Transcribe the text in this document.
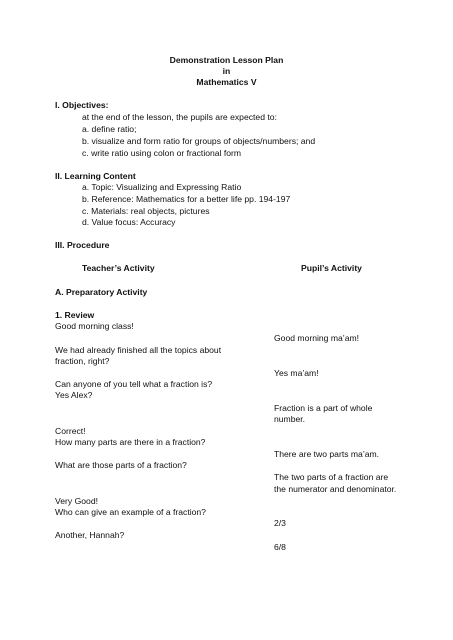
Demonstration Lesson Plan
in
Mathematics V
I. Objectives:
at the end of the lesson, the pupils are expected to:
a. define ratio;
b. visualize and form ratio for groups of objects/numbers; and
c. write ratio using colon or fractional form
II. Learning Content
a. Topic: Visualizing and Expressing Ratio
b. Reference: Mathematics for a better life pp. 194-197
c. Materials: real objects, pictures
d. Value focus: Accuracy
III. Procedure
Teacher’s Activity	Pupil’s Activity
A. Preparatory Activity
1. Review
Good morning class!
We had already finished all the topics about
fraction, right?
Can anyone of you tell what a fraction is?
Yes Alex?
Correct!
How many parts are there in a fraction?
What are those parts of a fraction?
Very Good!
Who can give an example of a fraction?
Another, Hannah?
Good morning ma’am!
Yes ma’am!
Fraction is a part of whole
number.
There are two parts ma’am.
The two parts of a fraction are
the numerator and denominator.
2/3
6/8
